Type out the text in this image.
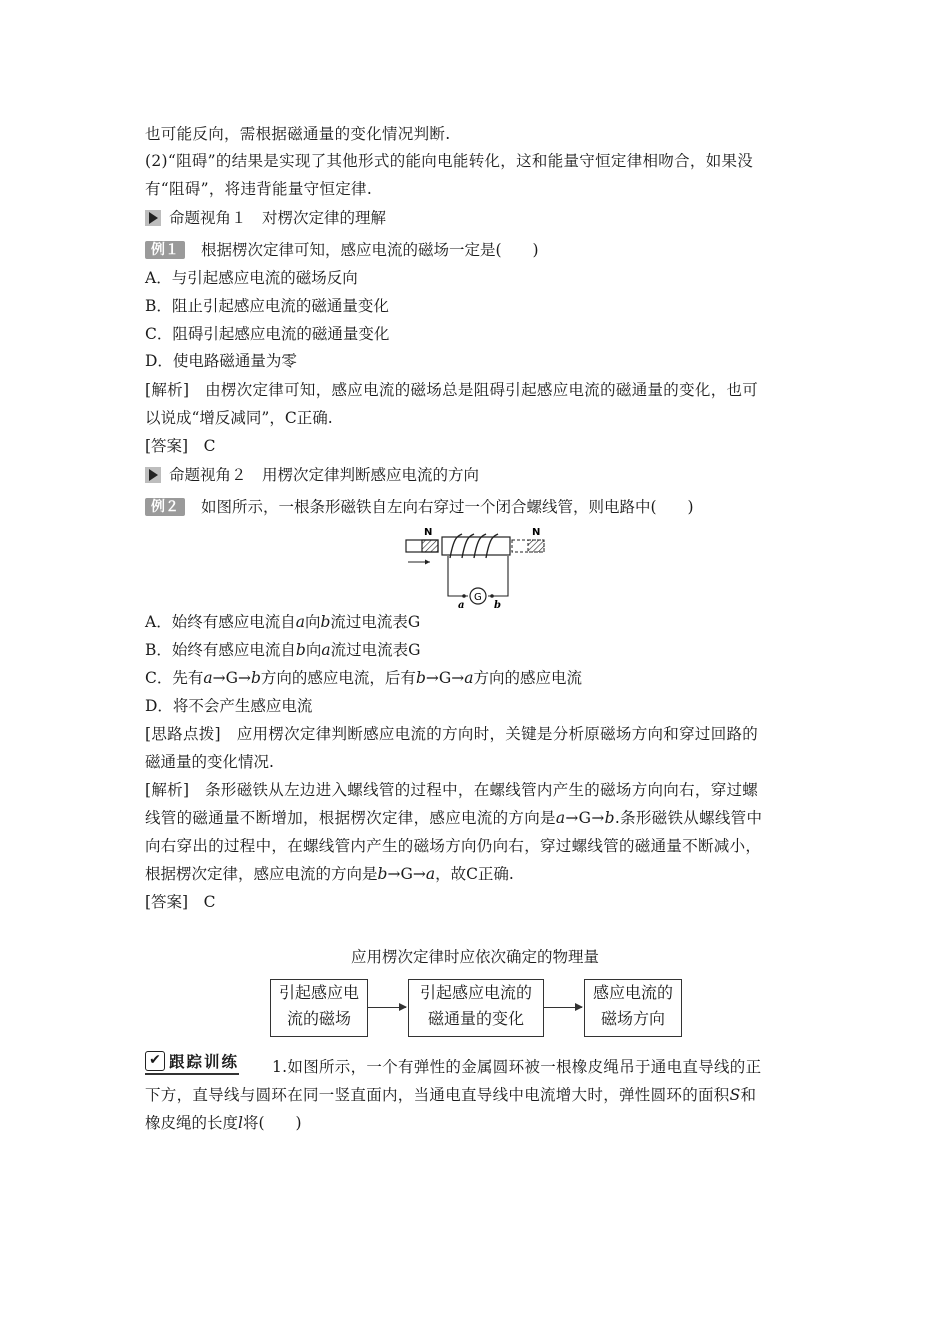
也可能反向，需根据磁通量的变化情况判断.
(2)“阻碍”的结果是实现了其他形式的能向电能转化，这和能量守恒定律相吻合，如果没
有“阻碍”，将违背能量守恒定律.
命题视角１　对楞次定律的理解
例１ 根据楞次定律可知，感应电流的磁场一定是(　　)
A．与引起感应电流的磁场反向
B．阻止引起感应电流的磁通量变化
C．阻碍引起感应电流的磁通量变化
D．使电路磁通量为零
[解析]　由楞次定律可知，感应电流的磁场总是阻碍引起感应电流的磁通量的变化，也可
以说成“增反减同”，C正确.
[答案]　C
命题视角２　用楞次定律判断感应电流的方向
例２ 如图所示，一根条形磁铁自左向右穿过一个闭合螺线管，则电路中(　　)
N	N
G
a	b
A．始终有感应电流自a向b流过电流表G
B．始终有感应电流自b向a流过电流表G
C．先有a→G→b方向的感应电流，后有b→G→a方向的感应电流
D．将不会产生感应电流
[思路点拨]　应用楞次定律判断感应电流的方向时，关键是分析原磁场方向和穿过回路的
磁通量的变化情况.
[解析]　条形磁铁从左边进入螺线管的过程中，在螺线管内产生的磁场方向向右，穿过螺
线管的磁通量不断增加，根据楞次定律，感应电流的方向是a→G→b.条形磁铁从螺线管中
向右穿出的过程中，在螺线管内产生的磁场方向仍向右，穿过螺线管的磁通量不断减小，
根据楞次定律，感应电流的方向是b→G→a，故C正确.
[答案]　C
应用楞次定律时应依次确定的物理量
引起感应电
流的磁场
引起感应电流的
磁通量的变化
感应电流的
磁场方向
✔ 跟踪训练 1.如图所示，一个有弹性的金属圆环被一根橡皮绳吊于通电直导线的正
下方，直导线与圆环在同一竖直面内，当通电直导线中电流增大时，弹性圆环的面积S和
橡皮绳的长度l将(　　)
